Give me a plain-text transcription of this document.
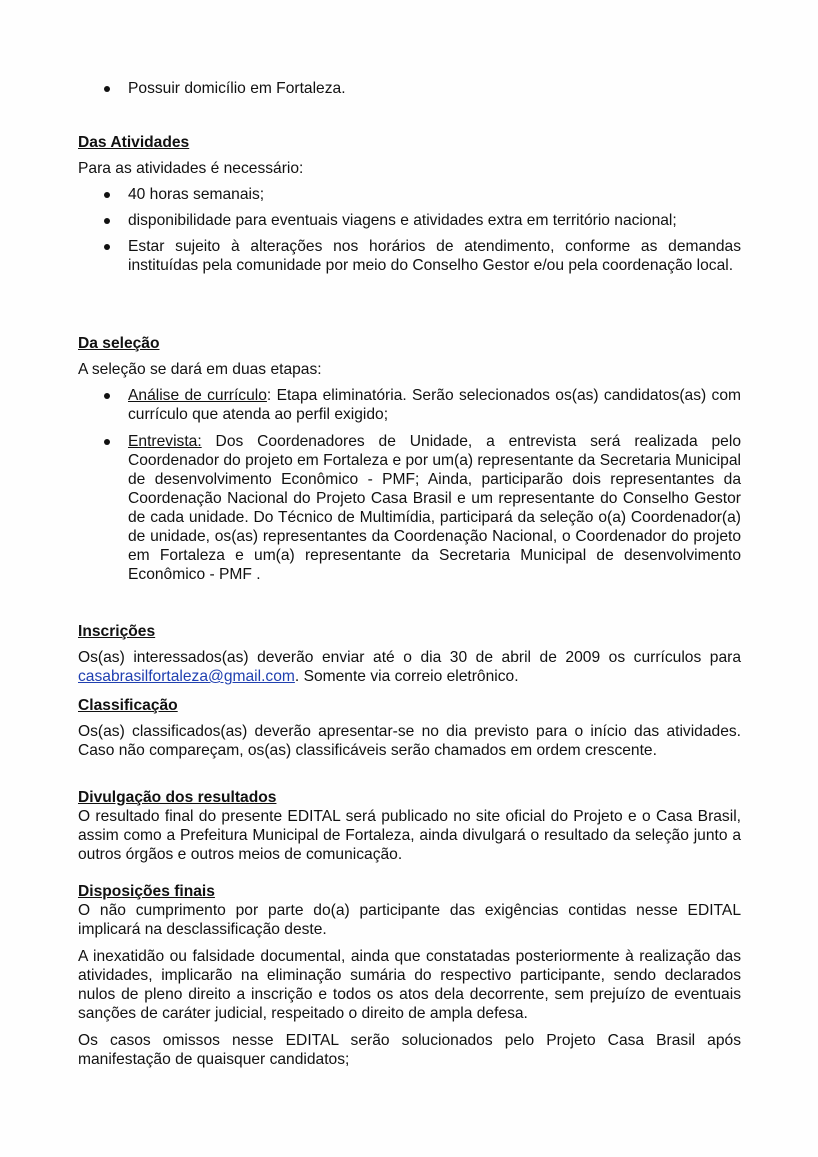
Possuir domicílio em Fortaleza.

Das Atividades

Para as atividades é necessário:

40 horas semanais;
disponibilidade para eventuais viagens e atividades extra em território nacional;
Estar sujeito à alterações nos horários de atendimento, conforme as demandas instituídas pela comunidade por meio do Conselho Gestor e/ou pela coordenação local.

Da seleção

A seleção se dará em duas etapas:

Análise de currículo: Etapa eliminatória. Serão selecionados os(as) candidatos(as) com currículo que atenda ao perfil exigido;
Entrevista: Dos Coordenadores de Unidade, a entrevista será realizada pelo Coordenador do projeto em Fortaleza e por um(a) representante da Secretaria Municipal de desenvolvimento Econômico - PMF; Ainda, participarão dois representantes da Coordenação Nacional do Projeto Casa Brasil e um representante do Conselho Gestor de cada unidade. Do Técnico de Multimídia, participará da seleção o(a) Coordenador(a) de unidade, os(as) representantes da Coordenação Nacional, o Coordenador do projeto em Fortaleza e um(a) representante da Secretaria Municipal de desenvolvimento Econômico - PMF .

Inscrições

Os(as) interessados(as) deverão enviar até o dia 30 de abril de 2009 os currículos para casabrasilfortaleza@gmail.com. Somente via correio eletrônico.

Classificação

Os(as) classificados(as) deverão apresentar-se no dia previsto para o início das atividades. Caso não compareçam, os(as) classificáveis serão chamados em ordem crescente.

Divulgação dos resultados

O resultado final do presente EDITAL será publicado no site oficial do Projeto e o Casa Brasil, assim como a Prefeitura Municipal de Fortaleza, ainda divulgará o resultado da seleção junto a outros órgãos e outros meios de comunicação.

Disposições finais

O não cumprimento por parte do(a) participante das exigências contidas nesse EDITAL implicará na desclassificação deste.

A inexatidão ou falsidade documental, ainda que constatadas posteriormente à realização das atividades, implicarão na eliminação sumária do respectivo participante, sendo declarados nulos de pleno direito a inscrição e todos os atos dela decorrente, sem prejuízo de eventuais sanções de caráter judicial, respeitado o direito de ampla defesa.

Os casos omissos nesse EDITAL serão solucionados pelo Projeto Casa Brasil após manifestação de quaisquer candidatos;
